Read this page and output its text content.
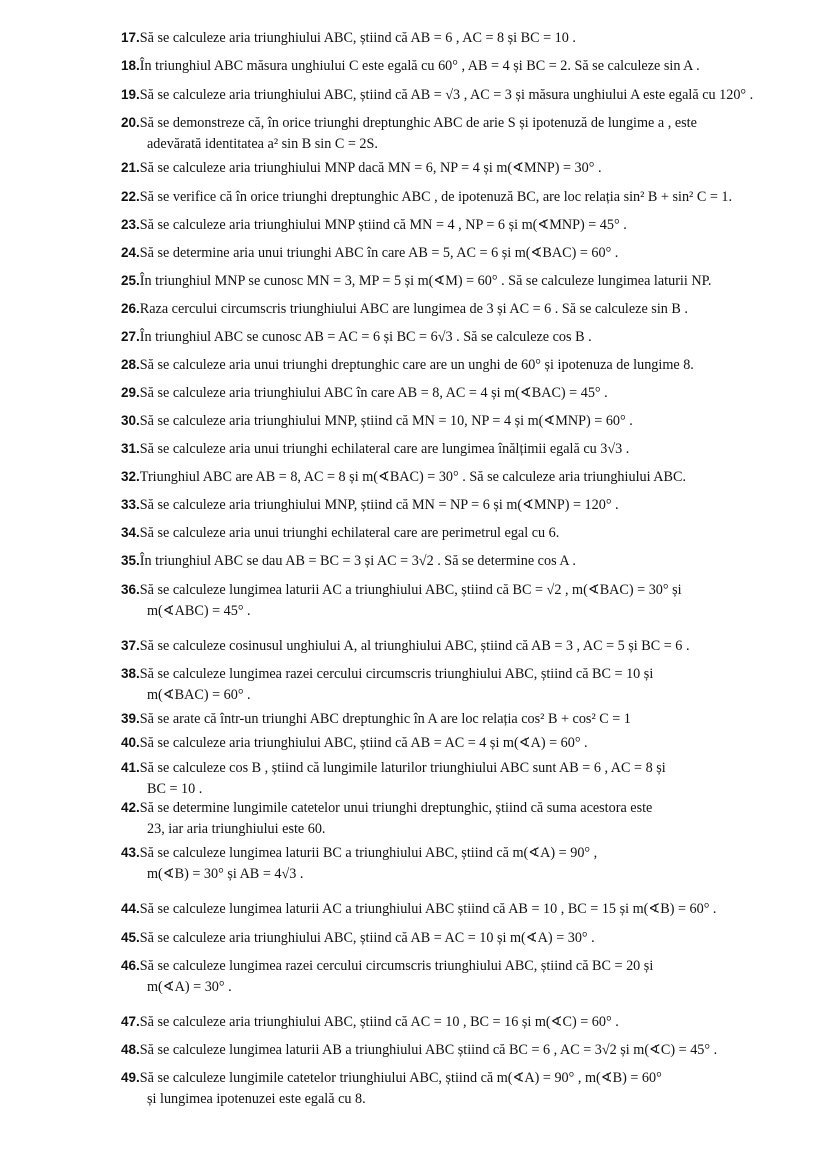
17.Să se calculeze aria triunghiului ABC, știind că AB = 6 , AC = 8 și BC = 10 .
18.În triunghiul ABC măsura unghiului C este egală cu 60° , AB = 4 și BC = 2. Să se calculeze sin A .
19.Să se calculeze aria triunghiului ABC, știind că AB = √3 , AC = 3 și măsura unghiului A este egală cu 120° .
20.Să se demonstreze că, în orice triunghi dreptunghic ABC de arie S și ipotenuză de lungime a , este
adevărată identitatea a² sin B sin C = 2S.
21.Să se calculeze aria triunghiului MNP dacă MN = 6, NP = 4 și m(∢MNP) = 30° .
22.Să se verifice că în orice triunghi dreptunghic ABC , de ipotenuză BC, are loc relația sin² B + sin² C = 1.
23.Să se calculeze aria triunghiului MNP știind că MN = 4 , NP = 6 și m(∢MNP) = 45° .
24.Să se determine aria unui triunghi ABC în care AB = 5, AC = 6 și m(∢BAC) = 60° .
25.În triunghiul MNP se cunosc MN = 3, MP = 5 și m(∢M) = 60° . Să se calculeze lungimea laturii NP.
26.Raza cercului circumscris triunghiului ABC are lungimea de 3 și AC = 6 . Să se calculeze sin B .
27.În triunghiul ABC se cunosc AB = AC = 6 și BC = 6√3 . Să se calculeze cos B .
28.Să se calculeze aria unui triunghi dreptunghic care are un unghi de 60° și ipotenuza de lungime 8.
29.Să se calculeze aria triunghiului ABC în care AB = 8, AC = 4 și m(∢BAC) = 45° .
30.Să se calculeze aria triunghiului MNP, știind că MN = 10, NP = 4 și m(∢MNP) = 60° .
31.Să se calculeze aria unui triunghi echilateral care are lungimea înălțimii egală cu 3√3 .
32.Triunghiul ABC are AB = 8, AC = 8 și m(∢BAC) = 30° . Să se calculeze aria triunghiului ABC.
33.Să se calculeze aria triunghiului MNP, știind că MN = NP = 6 și m(∢MNP) = 120° .
34.Să se calculeze aria unui triunghi echilateral care are perimetrul egal cu 6.
35.În triunghiul ABC se dau AB = BC = 3 și AC = 3√2 . Să se determine cos A .
36.Să se calculeze lungimea laturii AC a triunghiului ABC, știind că BC = √2 , m(∢BAC) = 30° și
m(∢ABC) = 45° .
37.Să se calculeze cosinusul unghiului A, al triunghiului ABC, știind că AB = 3 , AC = 5 și BC = 6 .
38.Să se calculeze lungimea razei cercului circumscris triunghiului ABC, știind că BC = 10 și
m(∢BAC) = 60° .
39.Să se arate că într-un triunghi ABC dreptunghic în A are loc relația cos² B + cos² C = 1
40.Să se calculeze aria triunghiului ABC, știind că AB = AC = 4 și m(∢A) = 60° .
41.Să se calculeze cos B , știind că lungimile laturilor triunghiului ABC sunt AB = 6 , AC = 8 și
BC = 10 .
42.Să se determine lungimile catetelor unui triunghi dreptunghic, știind că suma acestora este
23, iar aria triunghiului este 60.
43.Să se calculeze lungimea laturii BC a triunghiului ABC, știind că m(∢A) = 90° ,
m(∢B) = 30° și AB = 4√3 .
44.Să se calculeze lungimea laturii AC a triunghiului ABC știind că AB = 10 , BC = 15 și m(∢B) = 60° .
45.Să se calculeze aria triunghiului ABC, știind că AB = AC = 10 și m(∢A) = 30° .
46.Să se calculeze lungimea razei cercului circumscris triunghiului ABC, știind că BC = 20 și
m(∢A) = 30° .
47.Să se calculeze aria triunghiului ABC, știind că AC = 10 , BC = 16 și m(∢C) = 60° .
48.Să se calculeze lungimea laturii AB a triunghiului ABC știind că BC = 6 , AC = 3√2 și m(∢C) = 45° .
49.Să se calculeze lungimile catetelor triunghiului ABC, știind că m(∢A) = 90° , m(∢B) = 60°
și lungimea ipotenuzei este egală cu 8.
